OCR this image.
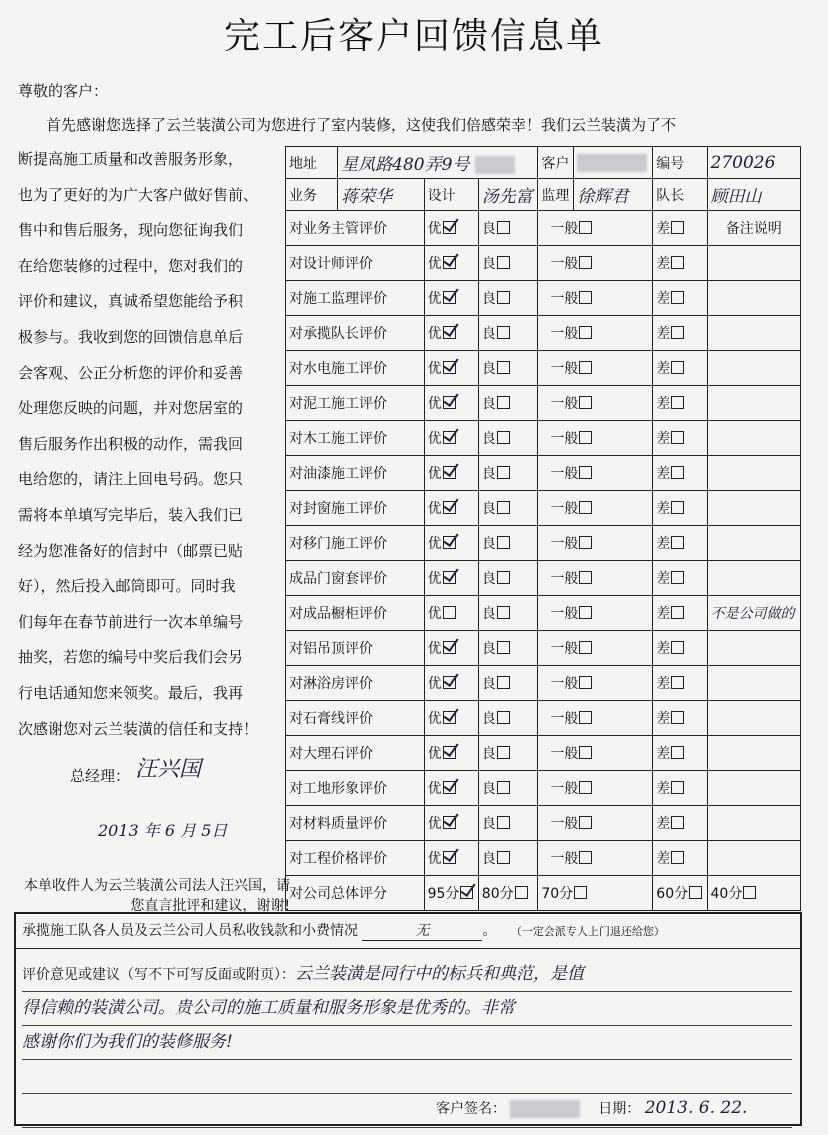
完工后客户回馈信息单
尊敬的客户：
首先感谢您选择了云兰装潢公司为您进行了室内装修，这使我们倍感荣幸！我们云兰装潢为了不
断提高施工质量和改善服务形象，
也为了更好的为广大客户做好售前、
售中和售后服务，现向您征询我们
在给您装修的过程中，您对我们的
评价和建议，真诚希望您能给予积
极参与。我收到您的回馈信息单后
会客观、公正分析您的评价和妥善
处理您反映的问题，并对您居室的
售后服务作出积极的动作，需我回
电给您的，请注上回电号码。您只
需将本单填写完毕后，装入我们已
经为您准备好的信封中（邮票已贴
好），然后投入邮筒即可。同时我
们每年在春节前进行一次本单编号
抽奖，若您的编号中奖后我们会另
行电话通知您来领奖。最后，我再
次感谢您对云兰装潢的信任和支持！
总经理： 汪兴国
2013 年 6 月 5日
本单收件人为云兰装潢公司法人汪兴国，请您直言批评和建议，谢谢!
地址	星凤路480弄9号			客户		编号	270026
业务	蒋荣华	设计	汤先富	监理	徐辉君	队长	顾田山
对业务主管评价		优	良	一般		差	备注说明
对设计师评价		优	良	一般		差	
对施工监理评价		优	良	一般		差	
对承揽队长评价		优	良	一般		差	
对水电施工评价		优	良	一般		差	
对泥工施工评价		优	良	一般		差	
对木工施工评价		优	良	一般		差	
对油漆施工评价		优	良	一般		差	
对封窗施工评价		优	良	一般		差	
对移门施工评价		优	良	一般		差	
成品门窗套评价		优	良	一般		差	
对成品橱柜评价		优	良	一般		差	不是公司做的
对铝吊顶评价		优	良	一般		差	
对淋浴房评价		优	良	一般		差	
对石膏线评价		优	良	一般		差	
对大理石评价		优	良	一般		差	
对工地形象评价		优	良	一般		差	
对材料质量评价		优	良	一般		差	
对工程价格评价		优	良	一般		差	
对公司总体评分		95分	80分	70分		60分	40分
承揽施工队各人员及云兰公司人员私收钱款和小费情况	无	。 （一定会派专人上门退还给您）
评价意见或建议（写不下可写反面或附页）：云兰装潢是同行中的标兵和典范，是值
得信赖的装潢公司。贵公司的施工质量和服务形象是优秀的。非常
感谢你们为我们的装修服务!
客户签名：	日期： 2013. 6. 22.
